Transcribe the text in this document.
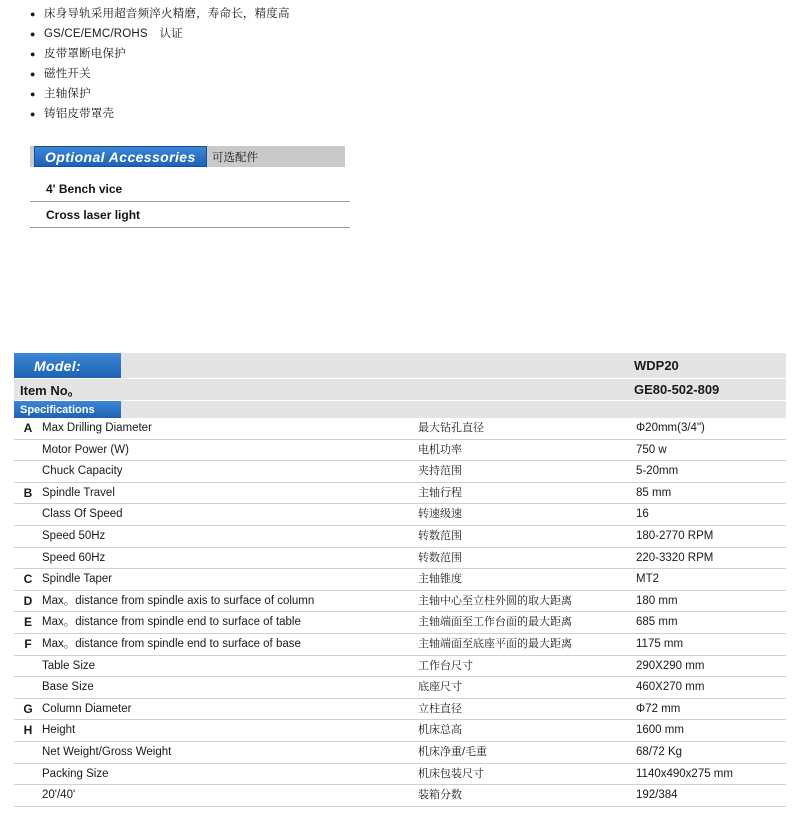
● 床身导轨采用超音频淬火精磨，寿命长，精度高
● GS/CE/EMC/ROHS　认证
● 皮带罩断电保护
● 磁性开关
● 主轴保护
● 铸铝皮带罩壳
Optional Accessories 可选配件
4' Bench vice
Cross laser light
Model:	WDP20
Item No。	GE80-502-809
Specifications
A Max Drilling Diameter	最大钻孔直径	Φ20mm(3/4")
Motor Power (W)	电机功率	750 w
Chuck Capacity	夹持范围	5-20mm
B Spindle Travel	主轴行程	85 mm
Class Of Speed	转速级速	16
Speed 50Hz	转数范围	180-2770 RPM
Speed 60Hz	转数范围	220-3320 RPM
C Spindle Taper	主轴锥度	MT2
D Max。distance from spindle axis to surface of column	主轴中心至立柱外圆的取大距离	180 mm
E Max。distance from spindle end to surface of table	主轴端面至工作台面的最大距离	685 mm
F Max。distance from spindle end to surface of base	主轴端面至底座平面的最大距离	1175 mm
Table Size	工作台尺寸	290X290 mm
Base Size	底座尺寸	460X270 mm
G Column Diameter	立柱直径	Φ72 mm
H Height	机床总高	1600 mm
Net Weight/Gross Weight	机床净重/毛重	68/72 Kg
Packing Size	机床包装尺寸	1140x490x275 mm
20'/40'	装箱分数	192/384
